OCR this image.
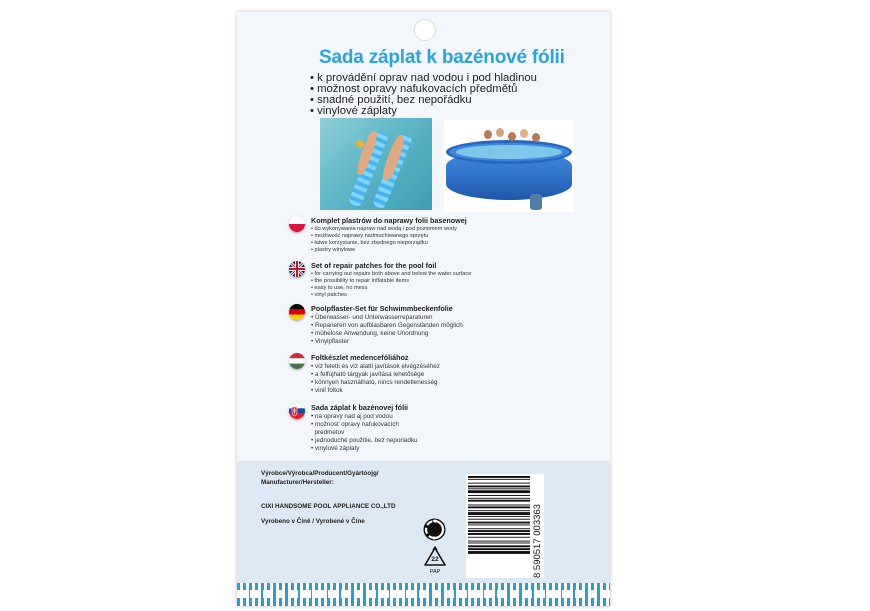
Sada záplat k bazénové fólii
• k provádění oprav nad vodou i pod hladinou
• možnost opravy nafukovacích předmětů
• snadné použití, bez nepořádku
• vinylové záplaty

Komplet plastrów do naprawy folii basenowej

• do wykonywania napraw nad wodą i pod poziomem wody
• możliwość naprawy nadmuchiwanego sprzętu
• łatwe korzystanie, bez zbędnego nieporządku
• plastry winylowe

Set of repair patches for the pool foil

• for carrying out repairs both above and below the water surface
• the possibility to repair inflatable items
• easy to use, no mess
• vinyl patches

Poolpflaster-Set für Schwimmbeckenfolie

• Überwasser- und Unterwasserreparaturen
• Reparieren von aufblasbaren Gegenständen möglich
• mühelose Anwendung, keine Unordnung
• Vinylpflaster

Foltkészlet medencefóliához

• víz feletti és víz alatti javítások elvégzéséhez
• a felfújható tárgyak javítása lehetősége
• könnyen használható, nincs rendetlenesség
• vinil foltok

Sada záplat k bazénovej fólii

• na opravy nad aj pod vodou
• možnosť opravy nafukovacích
predmetov
• jednoduché použitie, bez neporiadku
• vinylové záplaty

Výrobce/Výrobca/Producent/Gyártóojg/ Manufacturer/Hersteller:

CIXI HANDSOME POOL APPLIANCE CO.,LTD

Vyrobeno v Číně / Vyrobené v Číne

22
PAP	8 590517 003363
